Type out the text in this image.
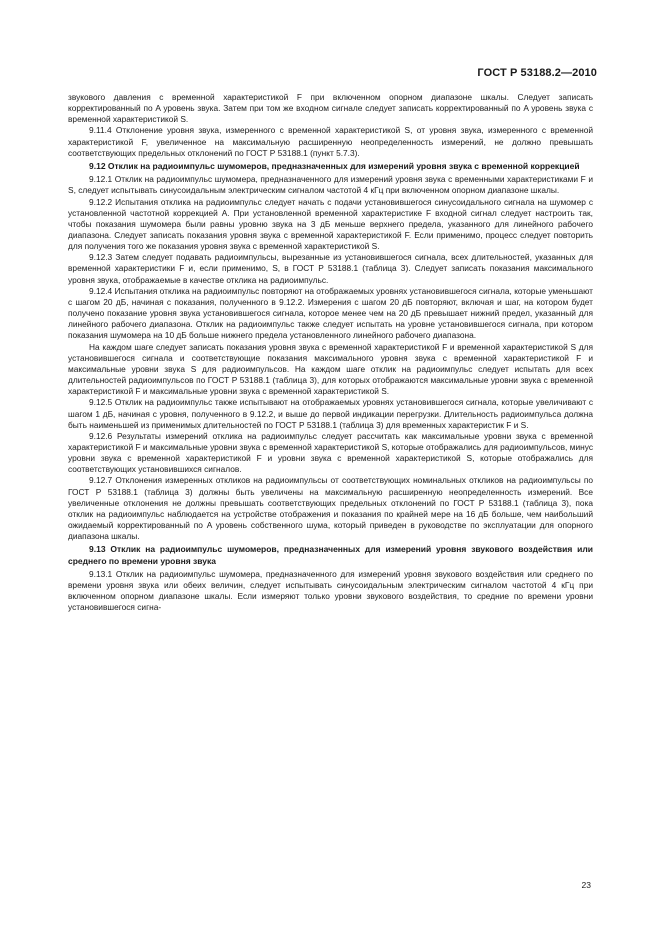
ГОСТ Р 53188.2—2010

звукового давления с временной характеристикой F при включенном опорном диапазоне шкалы. Следует записать корректированный по A уровень звука. Затем при том же входном сигнале следует записать корректированный по A уровень звука с временной характеристикой S.

9.11.4 Отклонение уровня звука, измеренного с временной характеристикой S, от уровня звука, измеренного с временной характеристикой F, увеличенное на максимальную расширенную неопределенность измерений, не должно превышать соответствующих предельных отклонений по ГОСТ Р 53188.1 (пункт 5.7.3).

9.12 Отклик на радиоимпульс шумомеров, предназначенных для измерений уровня звука с временной коррекцией

9.12.1 Отклик на радиоимпульс шумомера, предназначенного для измерений уровня звука с временными характеристиками F и S, следует испытывать синусоидальным электрическим сигналом частотой 4 кГц при включенном опорном диапазоне шкалы.

9.12.2 Испытания отклика на радиоимпульс следует начать с подачи установившегося синусоидального сигнала на шумомер с установленной частотной коррекцией A. При установленной временной характеристике F входной сигнал следует настроить так, чтобы показания шумомера были равны уровню звука на 3 дБ меньше верхнего предела, указанного для линейного рабочего диапазона. Следует записать показания уровня звука с временной характеристикой F. Если применимо, процесс следует повторить для получения того же показания уровня звука с временной характеристикой S.

9.12.3 Затем следует подавать радиоимпульсы, вырезанные из установившегося сигнала, всех длительностей, указанных для временной характеристики F и, если применимо, S, в ГОСТ Р 53188.1 (таблица 3). Следует записать показания максимального уровня звука, отображаемые в качестве отклика на радиоимпульс.

9.12.4 Испытания отклика на радиоимпульс повторяют на отображаемых уровнях установившегося сигнала, которые уменьшают с шагом 20 дБ, начиная с показания, полученного в 9.12.2. Измерения с шагом 20 дБ повторяют, включая и шаг, на котором будет получено показание уровня звука установившегося сигнала, которое менее чем на 20 дБ превышает нижний предел, указанный для линейного рабочего диапазона. Отклик на радиоимпульс также следует испытать на уровне установившегося сигнала, при котором показания шумомера на 10 дБ больше нижнего предела установленного линейного рабочего диапазона.

На каждом шаге следует записать показания уровня звука с временной характеристикой F и временной характеристикой S для установившегося сигнала и соответствующие показания максимального уровня звука с временной характеристикой F и максимальные уровни звука S для радиоимпульсов. На каждом шаге отклик на радиоимпульс следует испытать для всех длительностей радиоимпульсов по ГОСТ Р 53188.1 (таблица 3), для которых отображаются максимальные уровни звука с временной характеристикой F и максимальные уровни звука с временной характеристикой S.

9.12.5 Отклик на радиоимпульс также испытывают на отображаемых уровнях установившегося сигнала, которые увеличивают с шагом 1 дБ, начиная с уровня, полученного в 9.12.2, и выше до первой индикации перегрузки. Длительность радиоимпульса должна быть наименьшей из применимых длительностей по ГОСТ Р 53188.1 (таблица 3) для временных характеристик F и S.

9.12.6 Результаты измерений отклика на радиоимпульс следует рассчитать как максимальные уровни звука с временной характеристикой F и максимальные уровни звука с временной характеристикой S, которые отображались для радиоимпульсов, минус уровни звука с временной характеристикой F и уровни звука с временной характеристикой S, которые отображались для соответствующих установившихся сигналов.

9.12.7 Отклонения измеренных откликов на радиоимпульсы от соответствующих номинальных откликов на радиоимпульсы по ГОСТ Р 53188.1 (таблица 3) должны быть увеличены на максимальную расширенную неопределенность измерений. Все увеличенные отклонения не должны превышать соответствующих предельных отклонений по ГОСТ Р 53188.1 (таблица 3), пока отклик на радиоимпульс наблюдается на устройстве отображения и показания по крайней мере на 16 дБ больше, чем наибольший ожидаемый корректированный по A уровень собственного шума, который приведен в руководстве по эксплуатации для опорного диапазона шкалы.

9.13 Отклик на радиоимпульс шумомеров, предназначенных для измерений уровня звукового воздействия или среднего по времени уровня звука

9.13.1 Отклик на радиоимпульс шумомера, предназначенного для измерений уровня звукового воздействия или среднего по времени уровня звука или обеих величин, следует испытывать синусоидальным электрическим сигналом частотой 4 кГц при включенном опорном диапазоне шкалы. Если измеряют только уровни звукового воздействия, то средние по времени уровни установившегося сигна-

23
